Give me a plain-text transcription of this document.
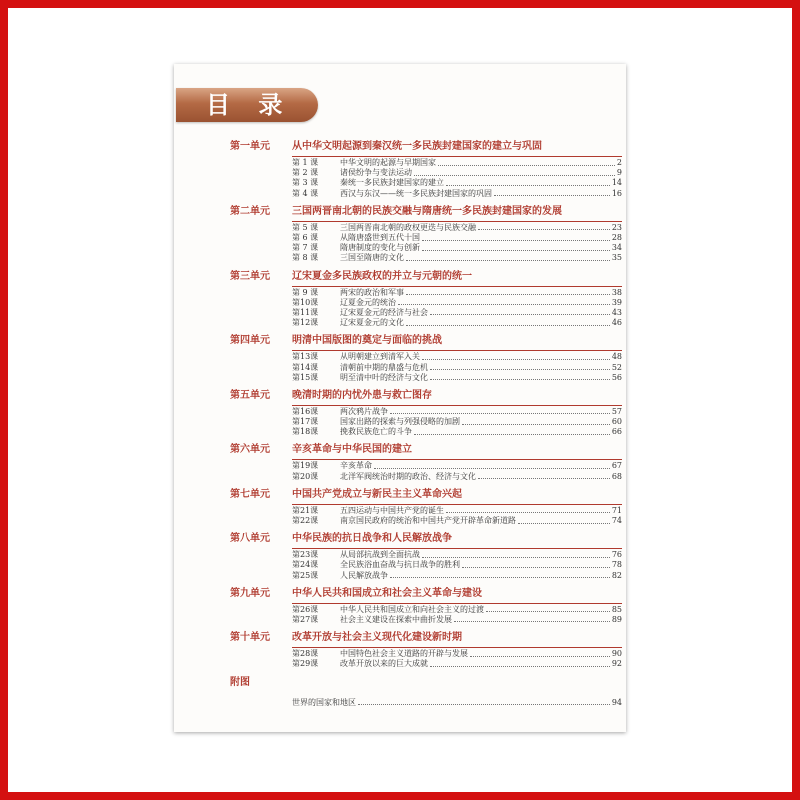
目 录
第一单元	从中华文明起源到秦汉统一多民族封建国家的建立与巩固
第 1 课	中华文明的起源与早期国家	2
第 2 课	诸侯纷争与变法运动	9
第 3 课	秦统一多民族封建国家的建立	14
第 4 课	西汉与东汉——统一多民族封建国家的巩固	16
第二单元	三国两晋南北朝的民族交融与隋唐统一多民族封建国家的发展
第 5 课	三国两晋南北朝的政权更迭与民族交融	23
第 6 课	从隋唐盛世到五代十国	28
第 7 课	隋唐制度的变化与创新	34
第 8 课	三国至隋唐的文化	35
第三单元	辽宋夏金多民族政权的并立与元朝的统一
第 9 课	两宋的政治和军事	38
第10课	辽夏金元的统治	39
第11课	辽宋夏金元的经济与社会	43
第12课	辽宋夏金元的文化	46
第四单元	明清中国版图的奠定与面临的挑战
第13课	从明朝建立到清军入关	48
第14课	清朝前中期的鼎盛与危机	52
第15课	明至清中叶的经济与文化	56
第五单元	晚清时期的内忧外患与救亡图存
第16课	两次鸦片战争	57
第17课	国家出路的探索与列强侵略的加剧	60
第18课	挽救民族危亡的斗争	66
第六单元	辛亥革命与中华民国的建立
第19课	辛亥革命	67
第20课	北洋军阀统治时期的政治、经济与文化	68
第七单元	中国共产党成立与新民主主义革命兴起
第21课	五四运动与中国共产党的诞生	71
第22课	南京国民政府的统治和中国共产党开辟革命新道路	74
第八单元	中华民族的抗日战争和人民解放战争
第23课	从局部抗战到全面抗战	76
第24课	全民族浴血奋战与抗日战争的胜利	78
第25课	人民解放战争	82
第九单元	中华人民共和国成立和社会主义革命与建设
第26课	中华人民共和国成立和向社会主义的过渡	85
第27课	社会主义建设在探索中曲折发展	89
第十单元	改革开放与社会主义现代化建设新时期
第28课	中国特色社会主义道路的开辟与发展	90
第29课	改革开放以来的巨大成就	92
附图
世界的国家和地区	94
